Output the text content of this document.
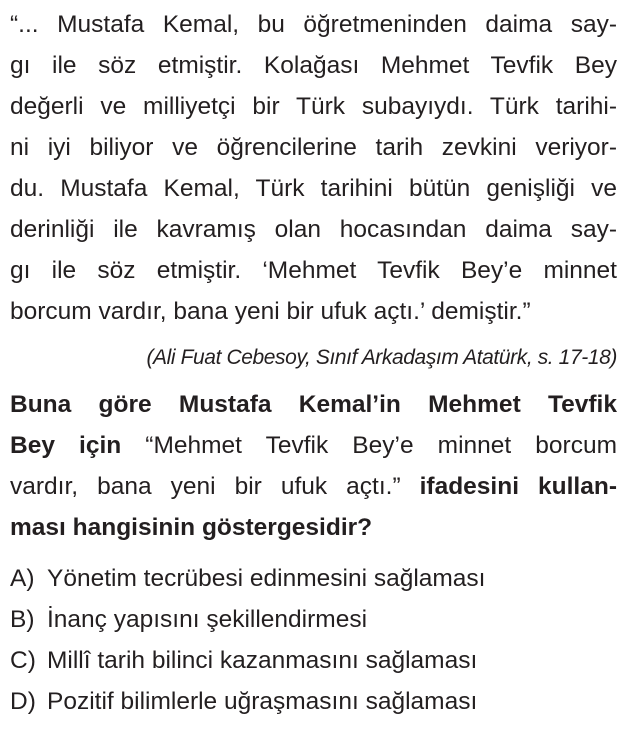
“... Mustafa Kemal, bu öğretmeninden daima say-
gı ile söz etmiştir. Kolağası Mehmet Tevfik Bey
değerli ve milliyetçi bir Türk subayıydı. Türk tarihi-
ni iyi biliyor ve öğrencilerine tarih zevkini veriyor-
du. Mustafa Kemal, Türk tarihini bütün genişliği ve
derinliği ile kavramış olan hocasından daima say-
gı ile söz etmiştir. ‘Mehmet Tevfik Bey’e minnet
borcum vardır, bana yeni bir ufuk açtı.’ demiştir.”
(Ali Fuat Cebesoy, Sınıf Arkadaşım Atatürk, s. 17-18)
Buna göre Mustafa Kemal’in Mehmet Tevfik
Bey için “Mehmet Tevfik Bey’e minnet borcum
vardır, bana yeni bir ufuk açtı.” ifadesini kullan-
ması hangisinin göstergesidir?
A) Yönetim tecrübesi edinmesini sağlaması
B) İnanç yapısını şekillendirmesi
C) Millî tarih bilinci kazanmasını sağlaması
D) Pozitif bilimlerle uğraşmasını sağlaması
